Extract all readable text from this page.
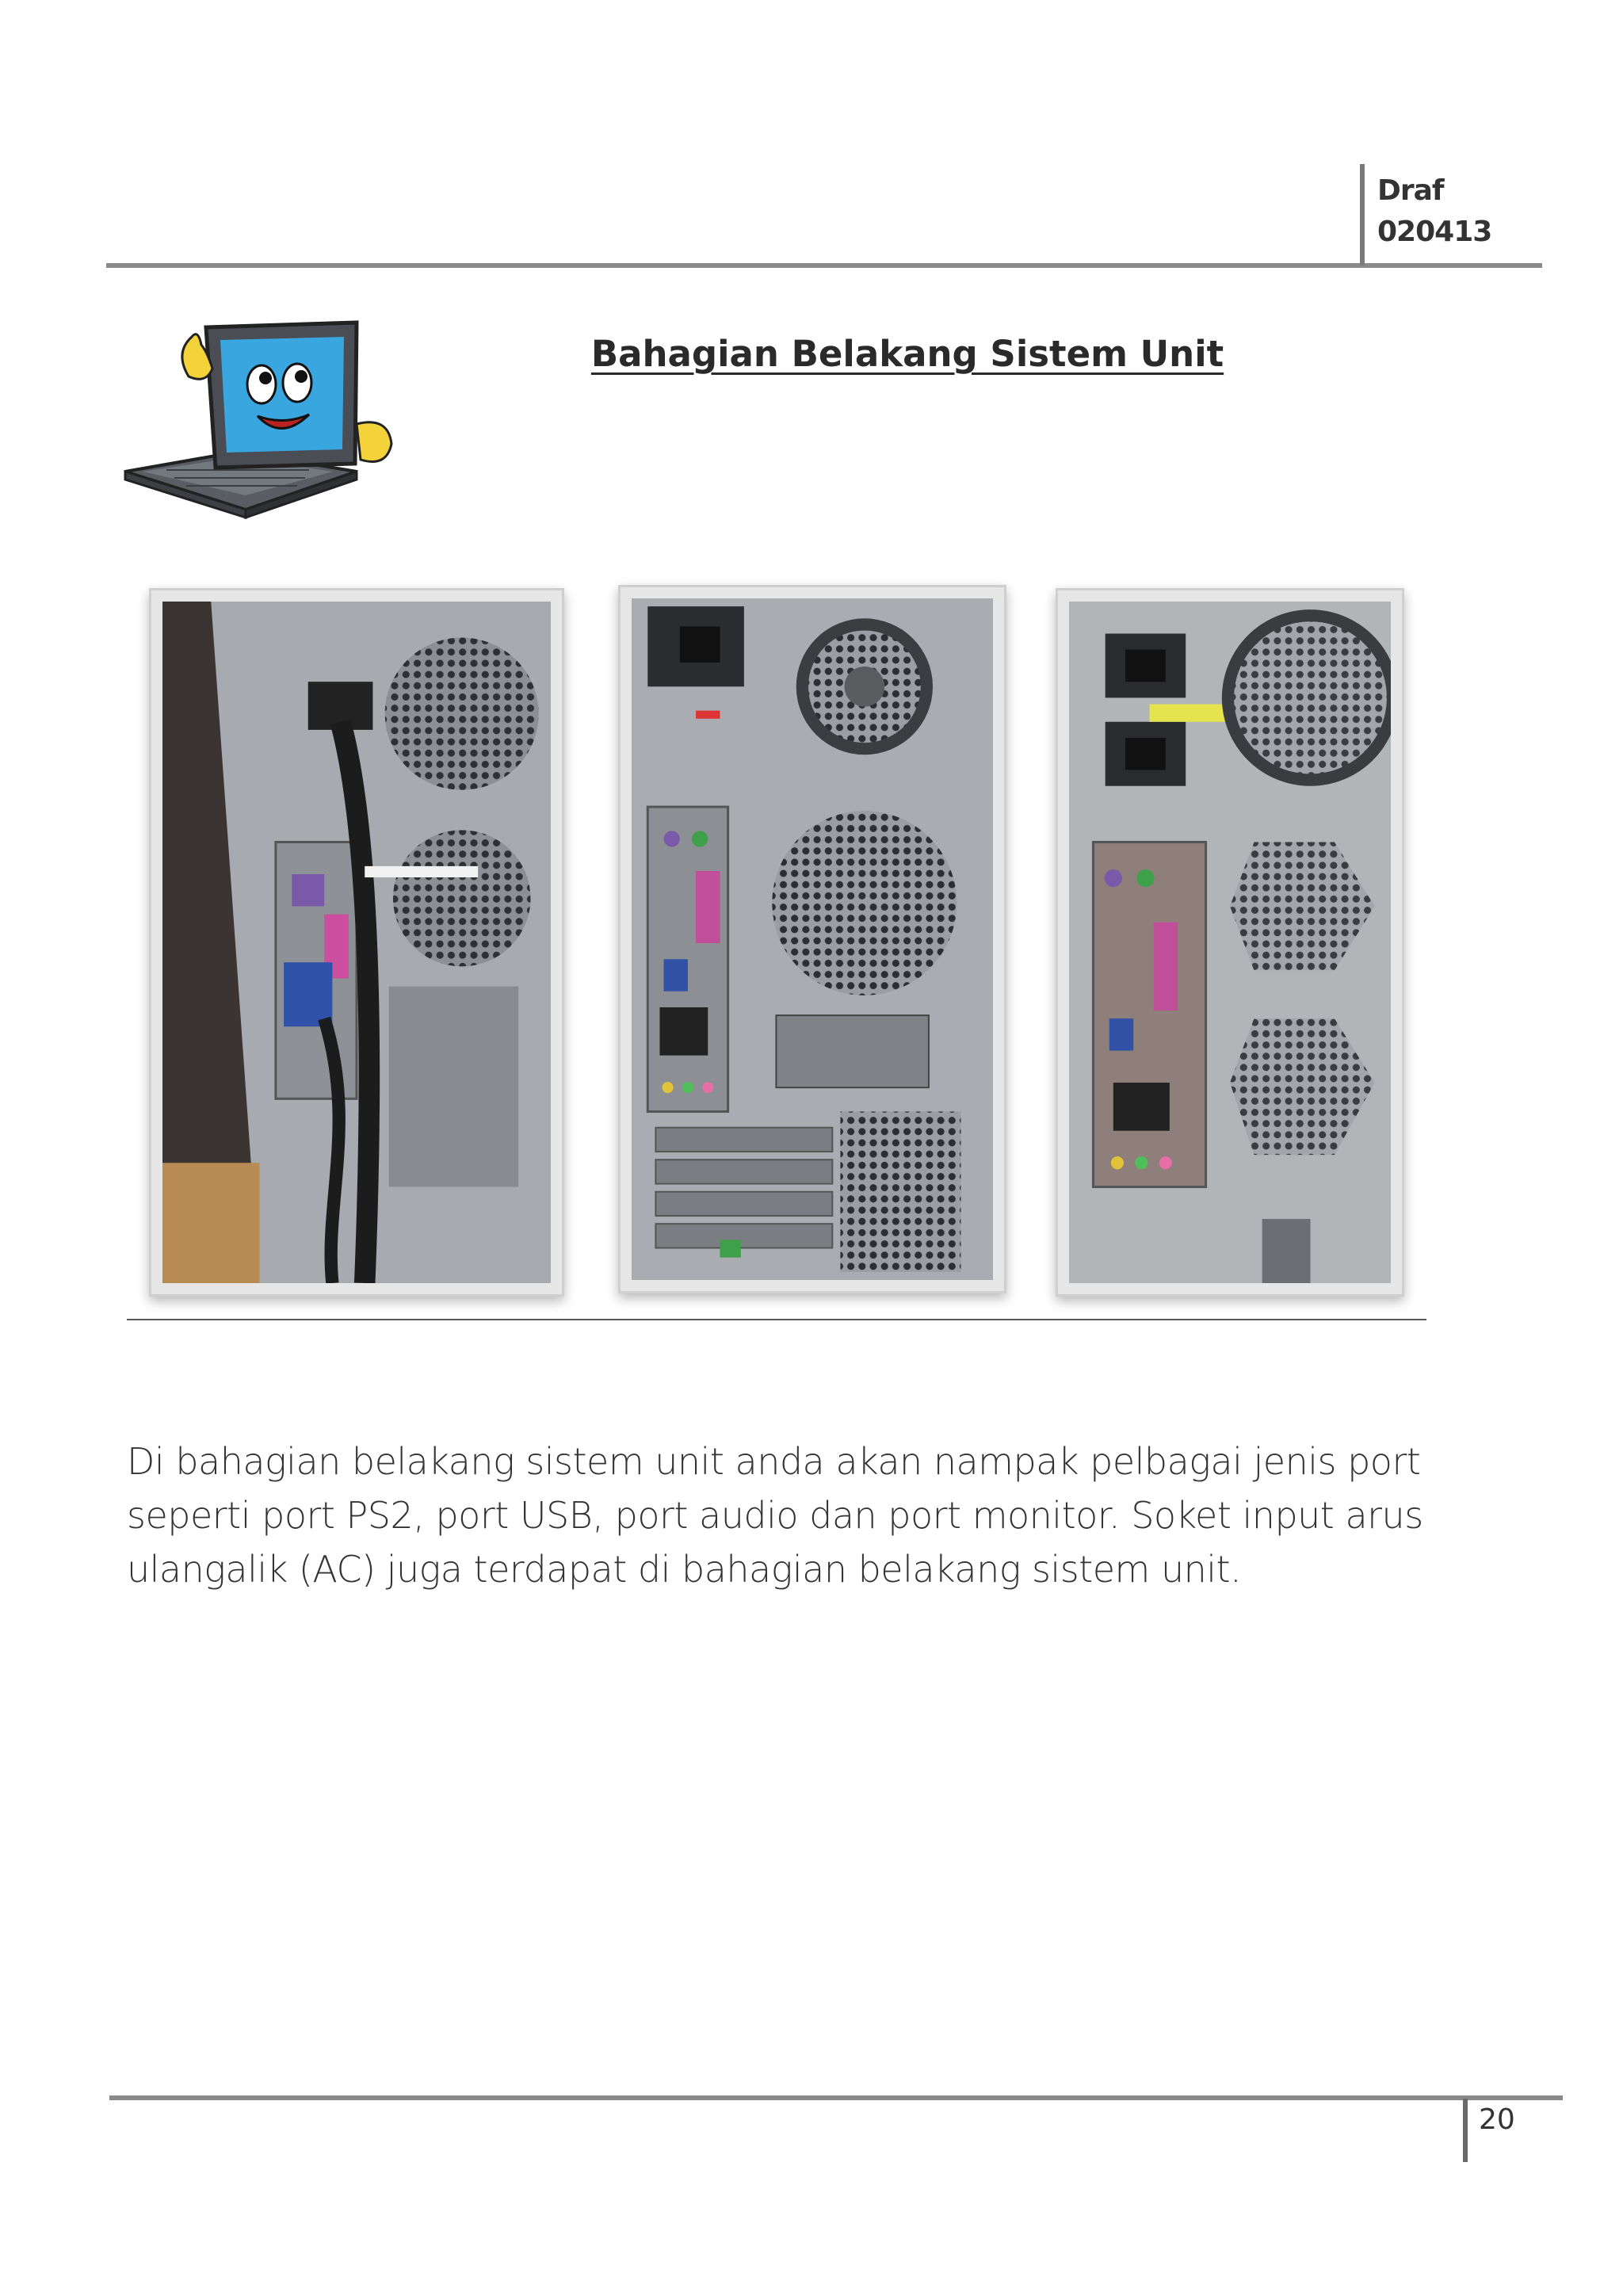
Draf
020413
Bahagian Belakang Sistem Unit
Di bahagian belakang sistem unit anda akan nampak pelbagai jenis port seperti port PS2, port USB, port audio dan port monitor. Soket input arus ulangalik (AC) juga terdapat di bahagian belakang sistem unit.
20
